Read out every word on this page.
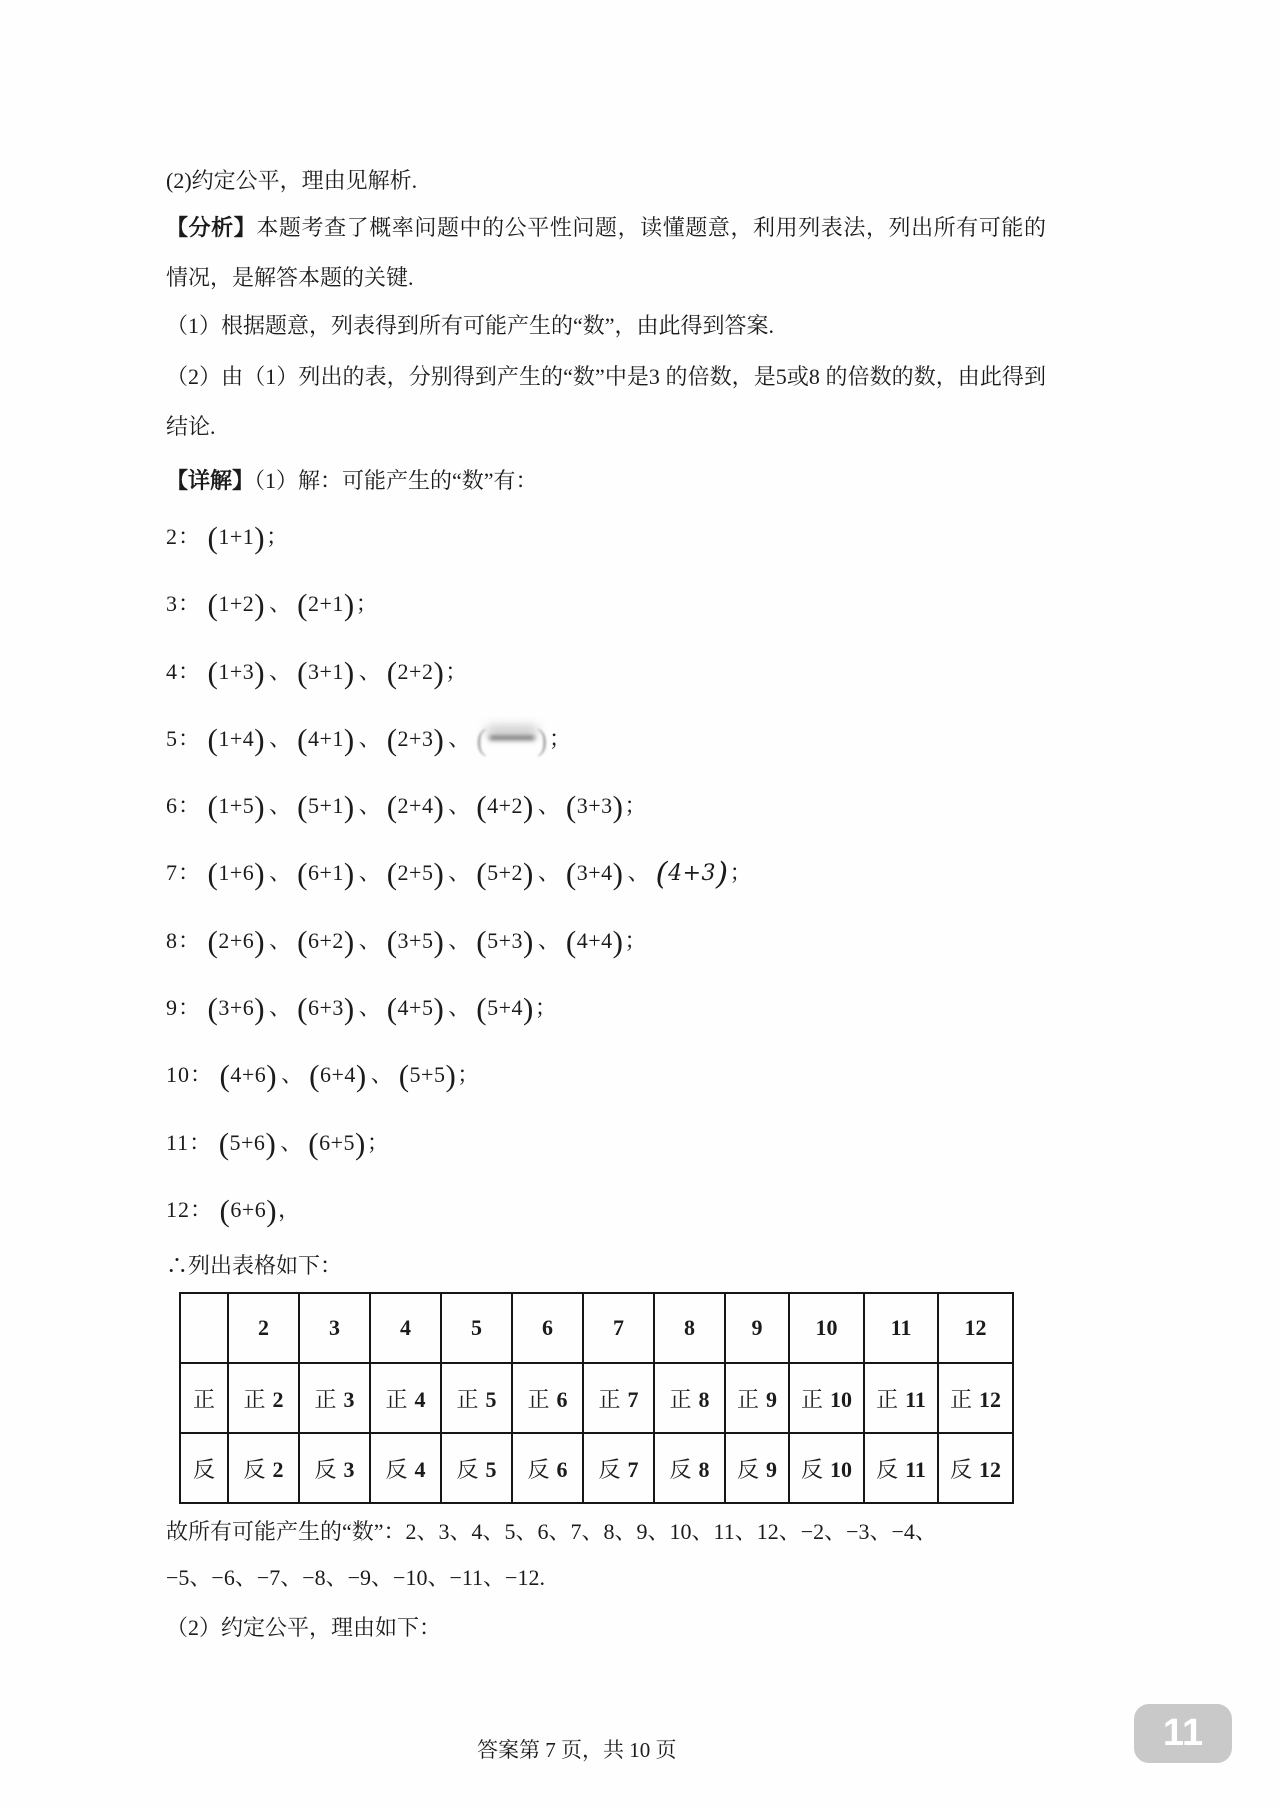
(2)约定公平，理由见解析.

【分析】本题考查了概率问题中的公平性问题，读懂题意，利用列表法，列出所有可能的情况，是解答本题的关键.

（1）根据题意，列表得到所有可能产生的“数”，由此得到答案.

（2）由（1）列出的表，分别得到产生的“数”中是3 的倍数，是5或8 的倍数的数，由此得到结论.

【详解】（1）解：可能产生的“数”有：

2： (1+1)；
3： (1+2) 、 (2+1)；
4： (1+3) 、 (3+1) 、 (2+2)；
5： (1+4) 、 (4+1) 、 (2+3) 、 ( )；
6： (1+5) 、 (5+1) 、 (2+4) 、 (4+2) 、 (3+3)；
7： (1+6) 、 (6+1) 、 (2+5) 、 (5+2) 、 (3+4) 、 (4+3)；
8： (2+6) 、 (6+2) 、 (3+5) 、 (5+3) 、 (4+4)；
9： (3+6) 、 (6+3) 、 (4+5) 、 (5+4)；
10： (4+6) 、 (6+4) 、 (5+5)；
11： (5+6) 、 (6+5)；
12： (6+6)，

∴列出表格如下：

	2	3	4	5	6	7	8	9	10	11	12
正	正 2	正 3	正 4	正 5	正 6	正 7	正 8	正 9	正 10	正 11	正 12
反	反 2	反 3	反 4	反 5	反 6	反 7	反 8	反 9	反 10	反 11	反 12

故所有可能产生的“数”：2、3、4、5、6、7、8、9、10、11、12、−2、−3、−4、

−5、−6、−7、−8、−9、−10、−11、−12.

（2）约定公平，理由如下：

答案第 7 页，共 10 页	11
